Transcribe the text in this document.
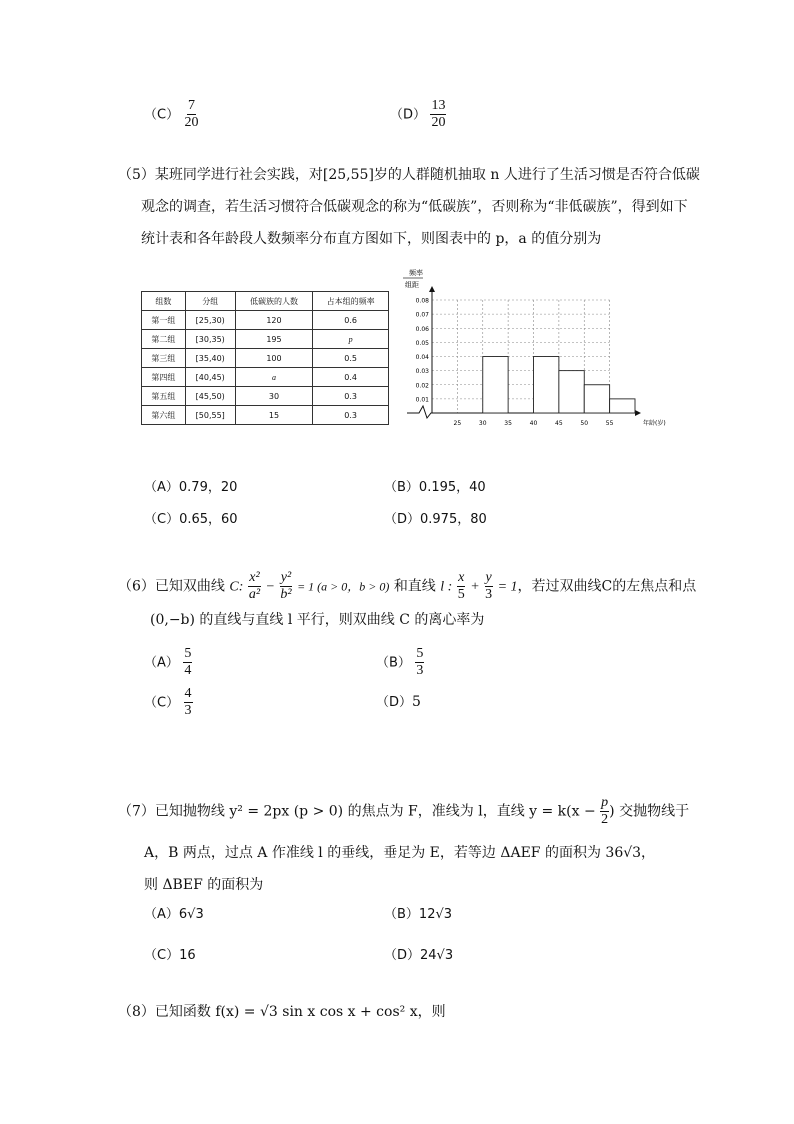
$(C) \frac{7}{20}$	$(D) \frac{13}{20}$
（5）某班同学进行社会实践，对[25,55]岁的人群随机抽取 n 人进行了生活习惯是否符合低碳
观念的调查，若生活习惯符合低碳观念的称为“低碳族”，否则称为“非低碳族”，得到如下
统计表和各年龄段人数频率分布直方图如下，则图表中的 p，a 的值分别为
组数	分组	低碳族的人数	占本组的频率
第一组	[25,30)	120	0.6
第二组	[30,35)	195	p
第三组	[35,40)	100	0.5
第四组	[40,45)	a	0.4
第五组	[45,50)	30	0.3
第六组	[50,55]	15	0.3
频率
组距
0.01
0.02
0.03
0.04
0.05
0.06
0.07
0.08
25	30	35	40	45	50	55	年龄(岁)
（A）0.79，20	（B）0.195，40
（C）0.65，60	（D）0.975，80
（6）已知双曲线 C: $\frac{\text{x²}}{\text{a²}} - \frac{\text{y²}}{\text{b²}} = 1$ (a > 0，b > 0) 和直线 l : $\frac{x}{5} + \frac{y}{3} = 1$，若过双曲线C的左焦点和点
(0,−b) 的直线与直线 l 平行，则双曲线 C 的离心率为
$(A) \frac{5}{4}$	$(B) \frac{5}{3}$
$(C) \frac{4}{3}$	（D）5
（7）已知抛物线 y² = 2px (p > 0) 的焦点为 F，准线为 l，直线 $y = k(x - \frac{p}{2}$ ) 交抛物线于
A，B 两点，过点 A 作准线 l 的垂线，垂足为 E，若等边 ΔAEF 的面积为 36√3，
则 ΔBEF 的面积为
（A）6√3	（B）12√3
（C）16	（D）24√3
（8）已知函数 f(x) = √3 sin x cos x + cos² x，则
